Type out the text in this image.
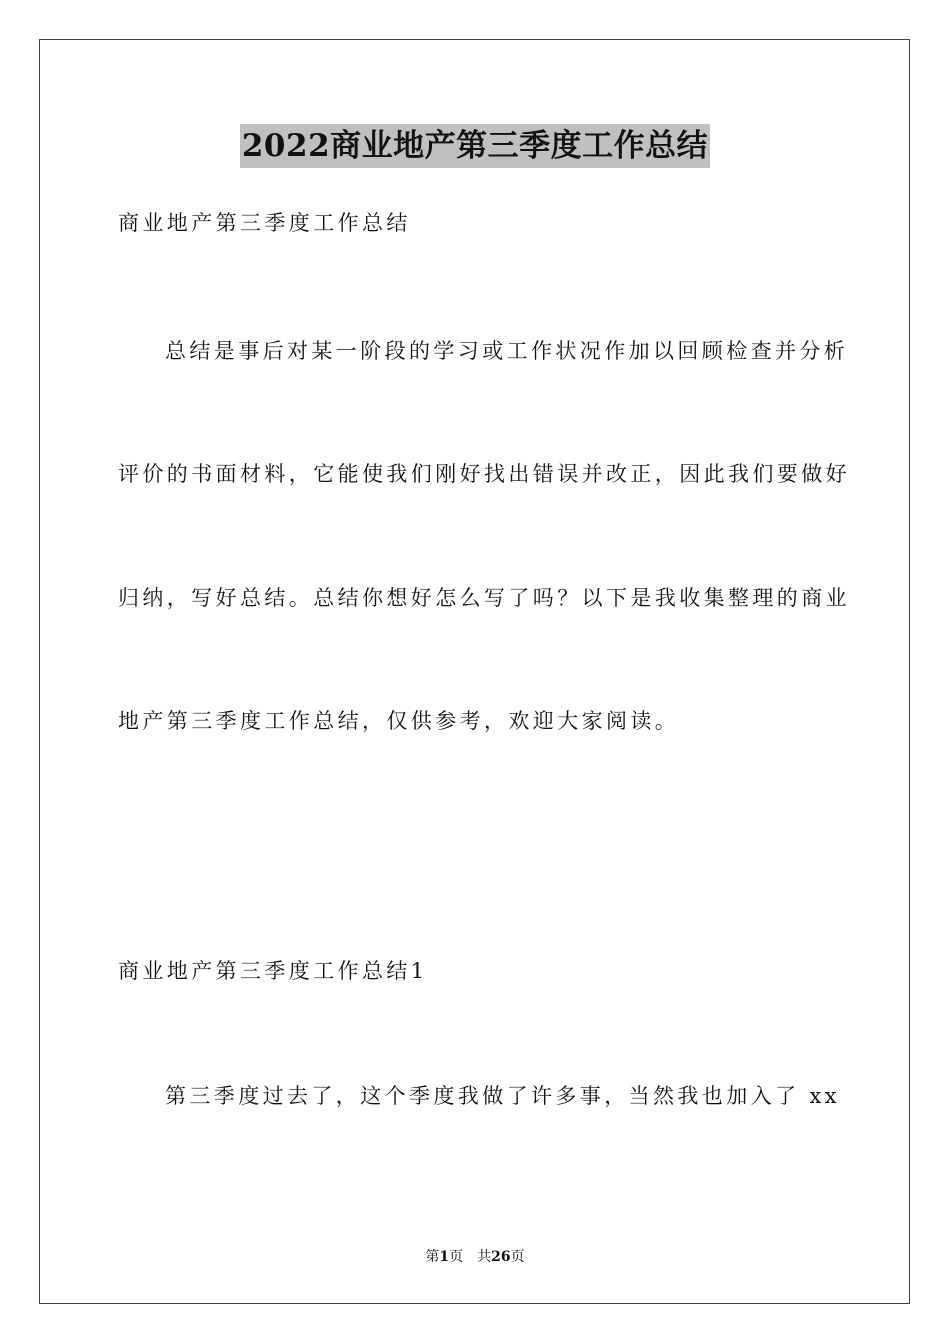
2022商业地产第三季度工作总结
商业地产第三季度工作总结
总结是事后对某一阶段的学习或工作状况作加以回顾检查并分析
评价的书面材料，它能使我们刚好找出错误并改正，因此我们要做好
归纳，写好总结。总结你想好怎么写了吗？以下是我收集整理的商业
地产第三季度工作总结，仅供参考，欢迎大家阅读。
商业地产第三季度工作总结1
第三季度过去了，这个季度我做了许多事，当然我也加入了 xx
第1页　共26页
